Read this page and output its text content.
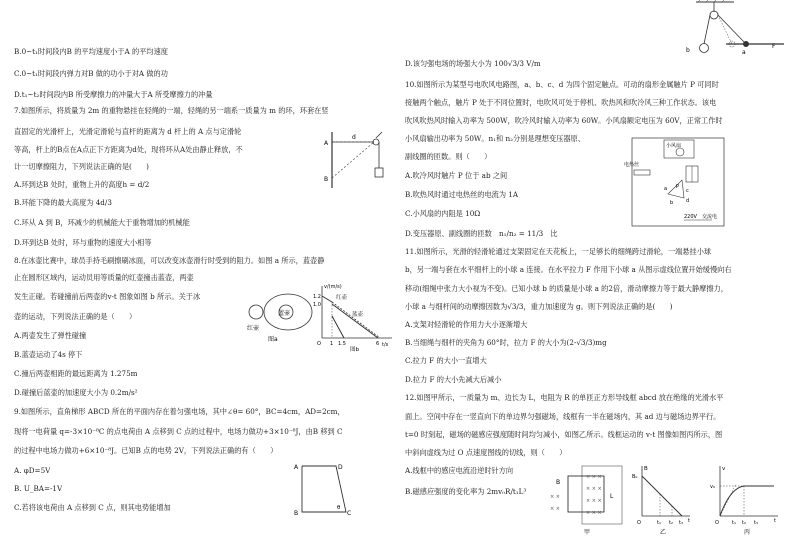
B.0~t₁时间段内B 的平均速度小于A 的平均速度
C.0~t₁时间段内弹力对B 做的功小于对A 做的功
D.t₁~t₂时间段内B 所受摩擦力的冲量大于A 所受摩擦力的冲量
7.如图所示，将质量为 2m 的重物悬挂在轻绳的一端，轻绳的另一端系一质量为 m 的环，环套在竖
直固定的光滑杆上，光滑定滑轮与直杆的距离为 d 杆上的 A 点与定滑轮
等高，杆上的B点在A点正下方距离为d处，现将环从A处由静止释放，不
计一切摩擦阻力，下列说法正确的是(　　)
A.环到达B 处时，重物上升的高度h = d/2
B.环能下降的最大高度为 4d/3
C.环从 A 到 B，环减少的机械能大于重物增加的机械能
D.环到达B 处时，环与重物的速度大小相等
8.在冰壶比赛中，球员手持毛刷擦刷冰面，可以改变冰壶滑行时受到的阻力。如图 a 所示，蓝壶静
止在圆形区域内，运动员用等质量的红壶撞击蓝壶，两壶
发生正碰。若碰撞前后两壶的v-t 图象如图 b 所示。关于冰
壶的运动，下列说法正确的是（　　）
A.两壶发生了弹性碰撞
B.蓝壶运动了4s 停下
C.撞后两壶相距的最远距离为 1.275m
D.碰撞后蓝壶的加速度大小为 0.2m/s²
9.如图所示，直角梯形 ABCD 所在的平面内存在着匀强电场，其中∠θ= 60°，BC=4cm，AD=2cm，
现将一电荷量 q=-3×10⁻⁸C 的点电荷由 A 点移到 C 点的过程中，电场力做功+3×10⁻⁸J，由B 移到 C
的过程中电场力做功+6×10⁻⁸J。已知B 点的电势 2V，下列说法正确的有（　　）
A. φD=5V
B. U_BA=-1V
C.若将该电荷由 A 点移到 C 点，则其电势能增加
D.该匀强电场的场强大小为 100√3/3 V/m
10.如图所示为某型号电吹风电路图，a、b、c、d 为四个固定触点。可动的扇形金属触片 P 可同时
接触两个触点，触片 P 处于不同位置时，电吹风可处于停机、吹热风和吹冷风三种工作状态。该电
吹风吹热风时输入功率为 500W，吹冷风时输入功率为 60W。小风扇额定电压为 60V，正常工作时
小风扇输出功率为 50W。n₁和 n₂分别是理想变压器原、
副线圈的匝数。则（　　）
A.吹冷风时触片 P 位于 ab 之间
B.吹热风时通过电热丝的电流为 1A
C.小风扇的内阻是 10Ω
D.变压器原、副线圈的匝数　n₁/n₂ = 11/3　比
11.如图所示，光滑的轻滑轮通过支架固定在天花板上，一足够长的细绳跨过滑轮，一端悬挂小球
b，另一端与套在水平细杆上的小球 a 连接。在水平拉力 F 作用下小球 a 从图示虚线位置开始缓慢向右
移动(细绳中张力大小视为不变)。已知小球 b 的质量是小球 a 的2倍，滑动摩擦力等于最大静摩擦力，
小球 a 与细杆间的动摩擦因数为√3/3，重力加速度为 g。则下列说法正确的是(　　)
A.支架对轻滑轮的作用力大小逐渐增大
B.当细绳与细杆的夹角为 60°时，拉力 F 的大小为(2-√3/3)mg
C.拉力 F 的大小一直增大
D.拉力 F 的大小先减大后减小
12.如图甲所示，一质量为 m、边长为 L，电阻为 R 的单匝正方形导线框 abcd 放在绝缘的光滑水平
面上。空间中存在一竖直向下的单边界匀强磁场，线框有一半在磁场内，其 ad 边与磁场边界平行。
t=0 时刻起，磁场的磁感应强度随时间均匀减小，如图乙所示。线框运动的 v-t 图像如图丙所示，图
中斜向虚线为过 O 点速度图线的切线，则（　　）
A.线框中的感应电流沿逆时针方向
B.磁感应强度的变化率为 2mv₀R/t₁L³
d
A
B
红壶
蓝壶
图a
v/(m/s)
t/s
1.2
1.0
O 1 1.5	6
红壶
蓝壶
图b
A	D
B	C
θ
a
b
F
小风扇
电热丝
a
b
c
d
P
220V 交流电
B
L
× × ×
× × ×
× × ×
× × ×
× ×
× ×
甲
B
B₀
O	t₁ t₂ t₃ t
乙
v
v₀
O	t₁ t₂ t₃	t
丙
